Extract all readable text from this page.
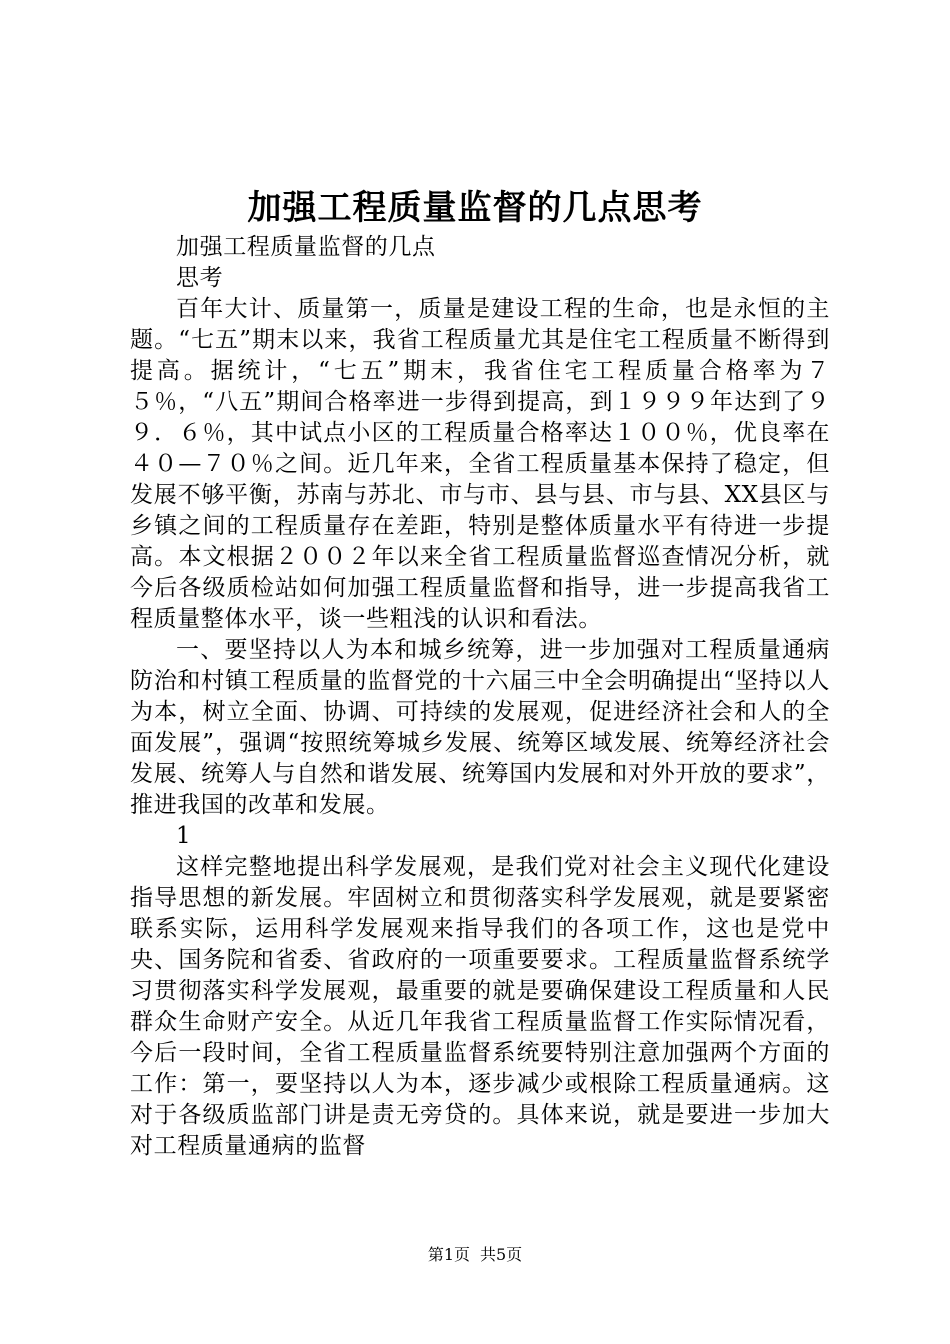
加强工程质量监督的几点思考

加强工程质量监督的几点

思考

百年大计、质量第一，质量是建设工程的生命，也是永恒的主题。“七五”期末以来，我省工程质量尤其是住宅工程质量不断得到提高。据统计，“七五”期末，我省住宅工程质量合格率为７５％，“八五”期间合格率进一步得到提高，到１９９９年达到了９９．６％，其中试点小区的工程质量合格率达１００％，优良率在４０—７０％之间。近几年来，全省工程质量基本保持了稳定，但发展不够平衡，苏南与苏北、市与市、县与县、市与县、XX县区与乡镇之间的工程质量存在差距，特别是整体质量水平有待进一步提高。本文根据２００２年以来全省工程质量监督巡查情况分析，就今后各级质检站如何加强工程质量监督和指导，进一步提高我省工程质量整体水平，谈一些粗浅的认识和看法。

一、要坚持以人为本和城乡统筹，进一步加强对工程质量通病防治和村镇工程质量的监督党的十六届三中全会明确提出“坚持以人为本，树立全面、协调、可持续的发展观，促进经济社会和人的全面发展”，强调“按照统筹城乡发展、统筹区域发展、统筹经济社会发展、统筹人与自然和谐发展、统筹国内发展和对外开放的要求”，推进我国的改革和发展。

1

这样完整地提出科学发展观，是我们党对社会主义现代化建设指导思想的新发展。牢固树立和贯彻落实科学发展观，就是要紧密联系实际，运用科学发展观来指导我们的各项工作，这也是党中央、国务院和省委、省政府的一项重要要求。工程质量监督系统学习贯彻落实科学发展观，最重要的就是要确保建设工程质量和人民群众生命财产安全。从近几年我省工程质量监督工作实际情况看，今后一段时间，全省工程质量监督系统要特别注意加强两个方面的工作：第一，要坚持以人为本，逐步减少或根除工程质量通病。这对于各级质监部门讲是责无旁贷的。具体来说，就是要进一步加大对工程质量通病的监督

第1页 共5页
